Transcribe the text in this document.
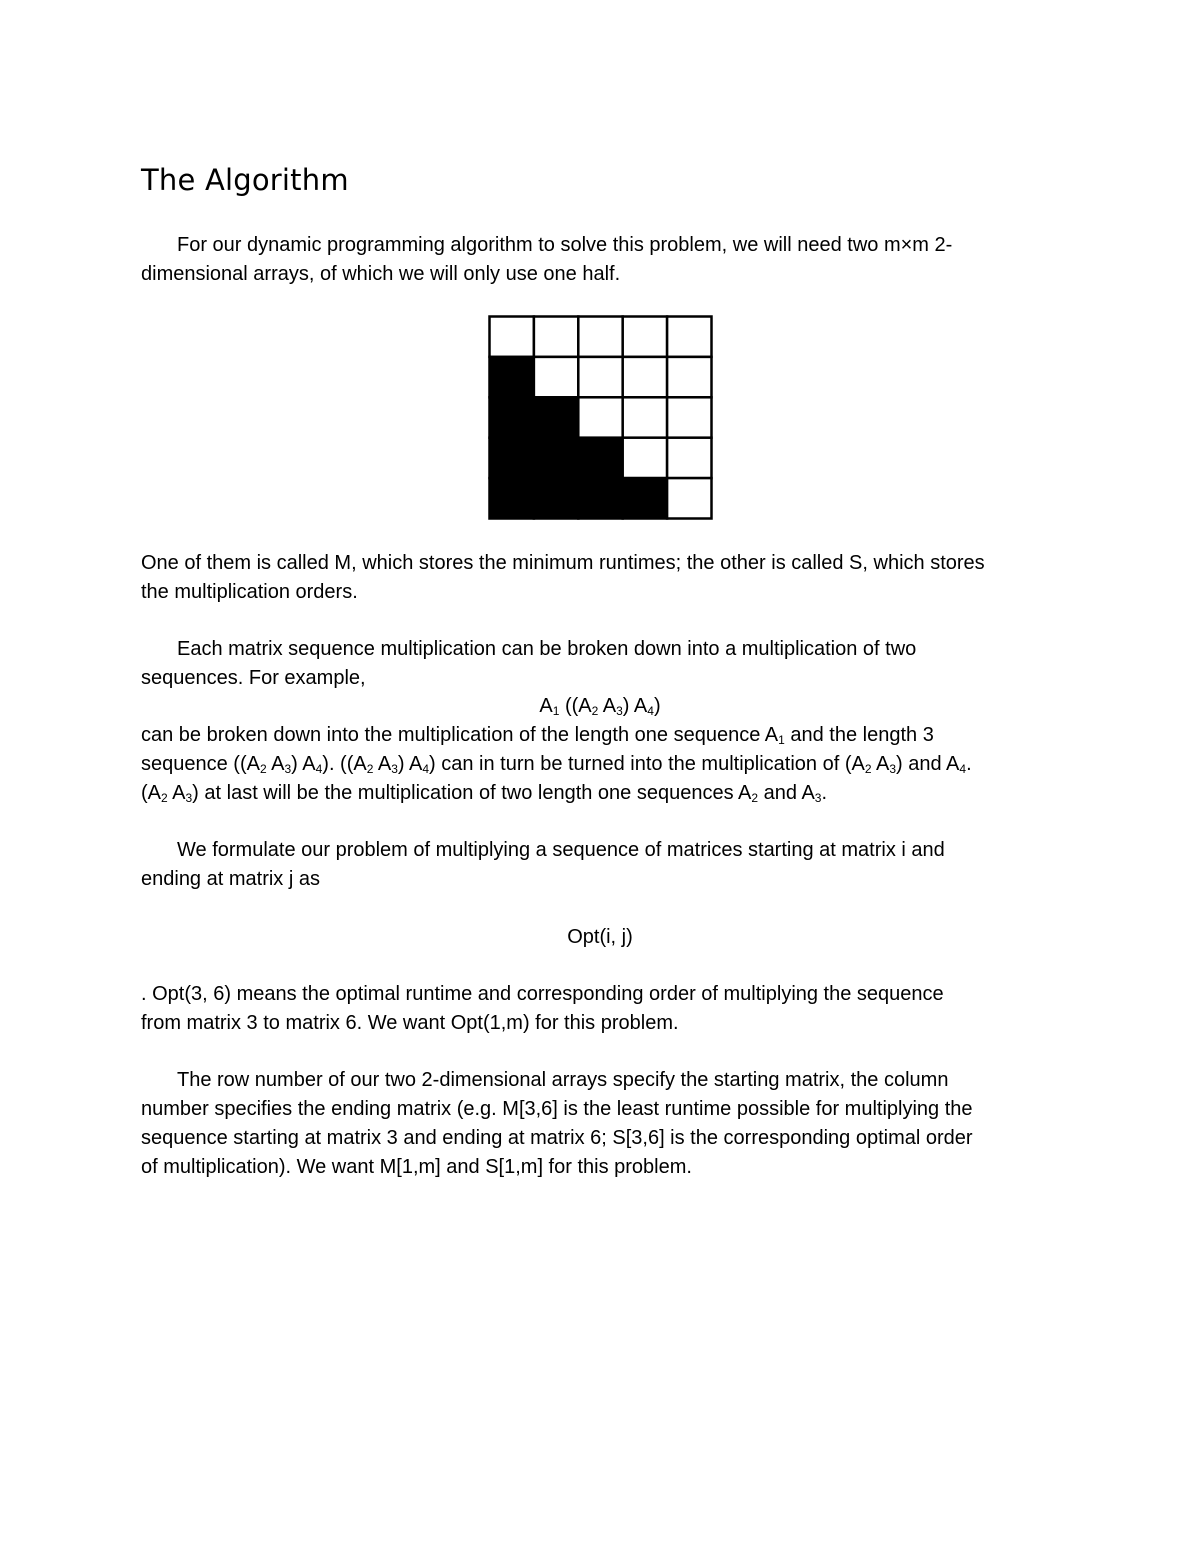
The Algorithm

For our dynamic programming algorithm to solve this problem, we will need two m×m 2-
dimensional arrays, of which we will only use one half.

One of them is called M, which stores the minimum runtimes; the other is called S, which stores
the multiplication orders.

Each matrix sequence multiplication can be broken down into a multiplication of two
sequences. For example,

$A_1$ (($A_2$ $A_3$) $A_4$)

can be broken down into the multiplication of the length one sequence $A_1$ and the length 3
sequence (($A_2$ $A_3$) $A_4$). (($A_2$ $A_3$) $A_4$) can in turn be turned into the multiplication of ($A_2$ $A_3$) and $A_4$.
($A_2$ $A_3$) at last will be the multiplication of two length one sequences $A_2$ and $A_3$.

We formulate our problem of multiplying a sequence of matrices starting at matrix i and
ending at matrix j as

Opt(i, j)

. Opt(3, 6) means the optimal runtime and corresponding order of multiplying the sequence
from matrix 3 to matrix 6. We want Opt(1,m) for this problem.

The row number of our two 2-dimensional arrays specify the starting matrix, the column
number specifies the ending matrix (e.g. M[3,6] is the least runtime possible for multiplying the
sequence starting at matrix 3 and ending at matrix 6; S[3,6] is the corresponding optimal order
of multiplication). We want M[1,m] and S[1,m] for this problem.
